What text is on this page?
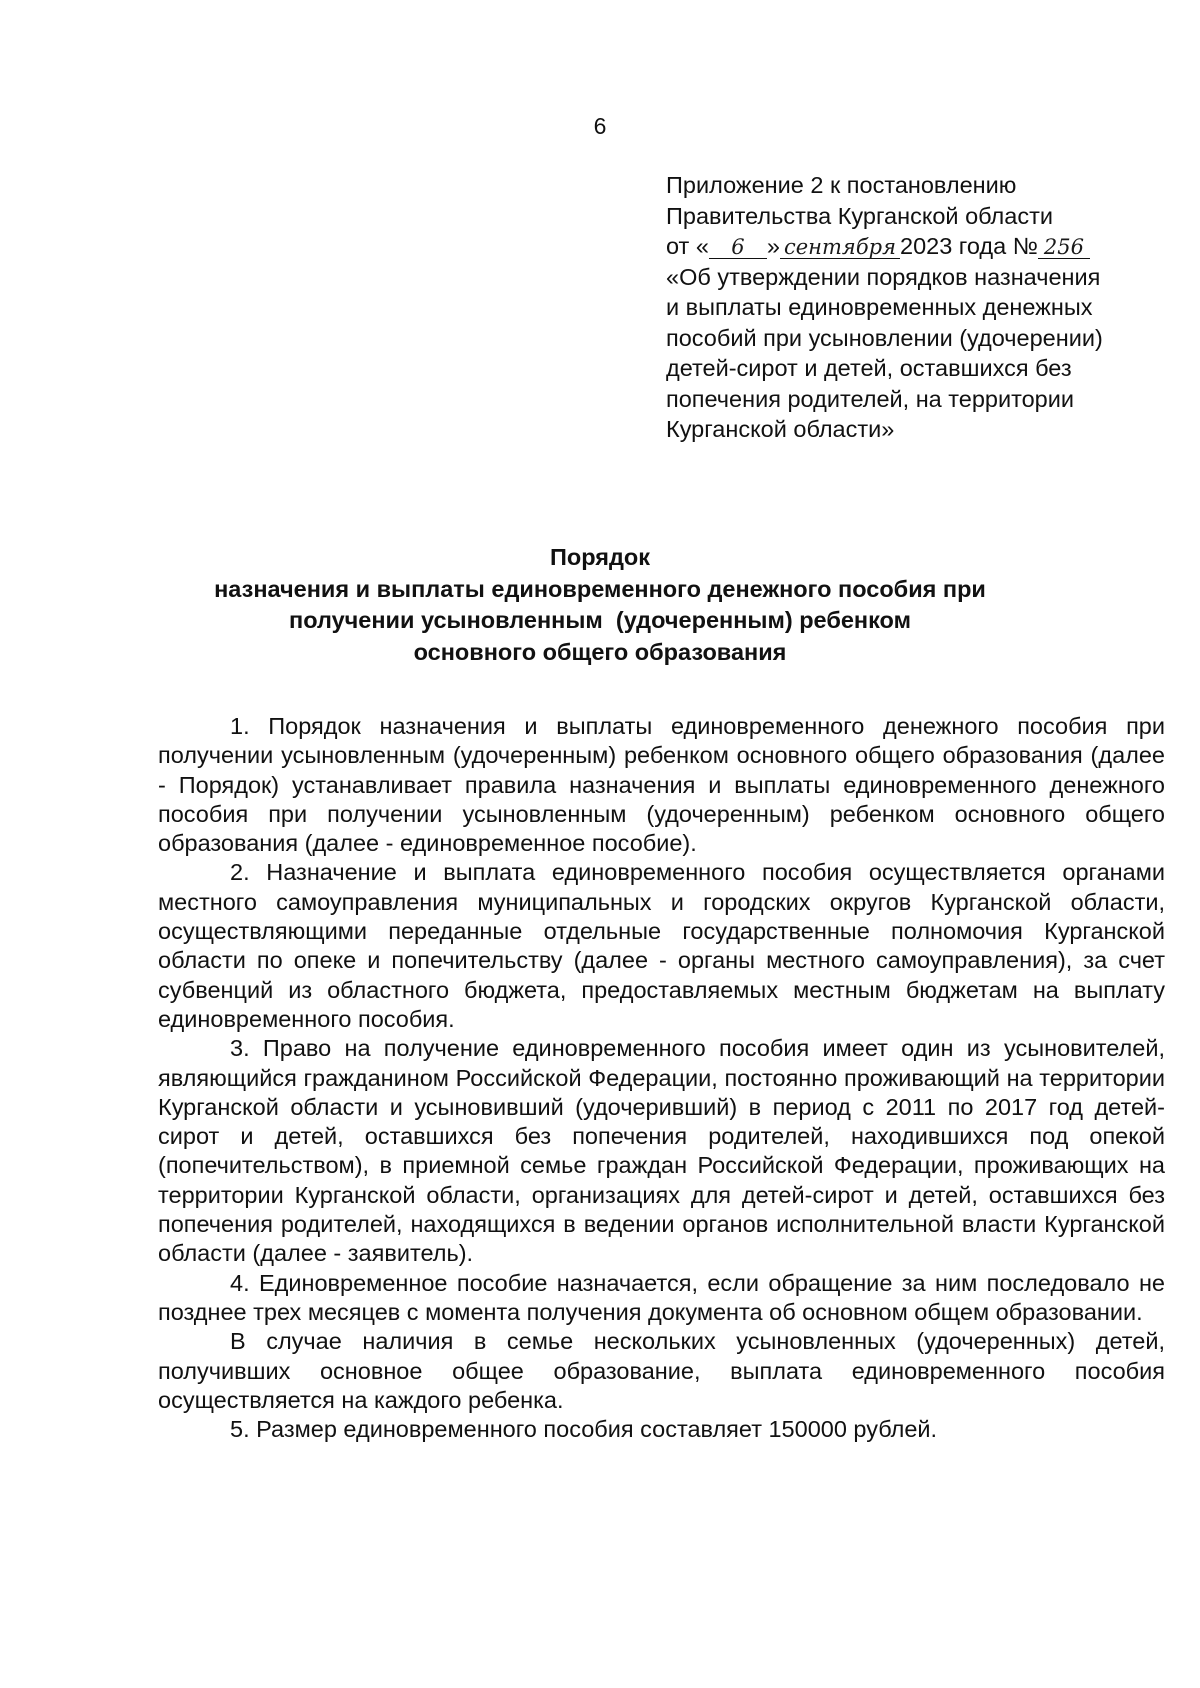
6
Приложение 2 к постановлению
Правительства Курганской области
от « 6 » сентября 2023 года № 256
«Об утверждении порядков назначения
и выплаты единовременных денежных
пособий при усыновлении (удочерении)
детей-сирот и детей, оставшихся без
попечения родителей, на территории
Курганской области»
Порядок
назначения и выплаты единовременного денежного пособия при
получении усыновленным  (удочеренным) ребенком
основного общего образования

1. Порядок назначения и выплаты единовременного денежного пособия при получении усыновленным (удочеренным) ребенком основного общего образования (далее - Порядок) устанавливает правила назначения и выплаты единовременного денежного пособия при получении усыновленным (удочеренным) ребенком основного общего образования (далее - единовременное пособие).

2. Назначение и выплата единовременного пособия осуществляется органами местного самоуправления муниципальных и городских округов Курганской области, осуществляющими переданные отдельные государственные полномочия Курганской области по опеке и попечительству (далее - органы местного самоуправления), за счет субвенций из областного бюджета, предоставляемых местным бюджетам на выплату единовременного пособия.

3. Право на получение единовременного пособия имеет один из усыновителей, являющийся гражданином Российской Федерации, постоянно проживающий на территории Курганской области и усыновивший (удочеривший) в период с 2011 по 2017 год детей-сирот и детей, оставшихся без попечения родителей, находившихся под опекой (попечительством), в приемной семье граждан Российской Федерации, проживающих на территории Курганской области, организациях для детей-сирот и детей, оставшихся без попечения родителей, находящихся в ведении органов исполнительной власти Курганской области (далее - заявитель).

4. Единовременное пособие назначается, если обращение за ним последовало не позднее трех месяцев с момента получения документа об основном общем образовании.

В случае наличия в семье нескольких усыновленных (удочеренных) детей, получивших основное общее образование, выплата единовременного пособия осуществляется на каждого ребенка.

5. Размер единовременного пособия составляет 150000 рублей.
